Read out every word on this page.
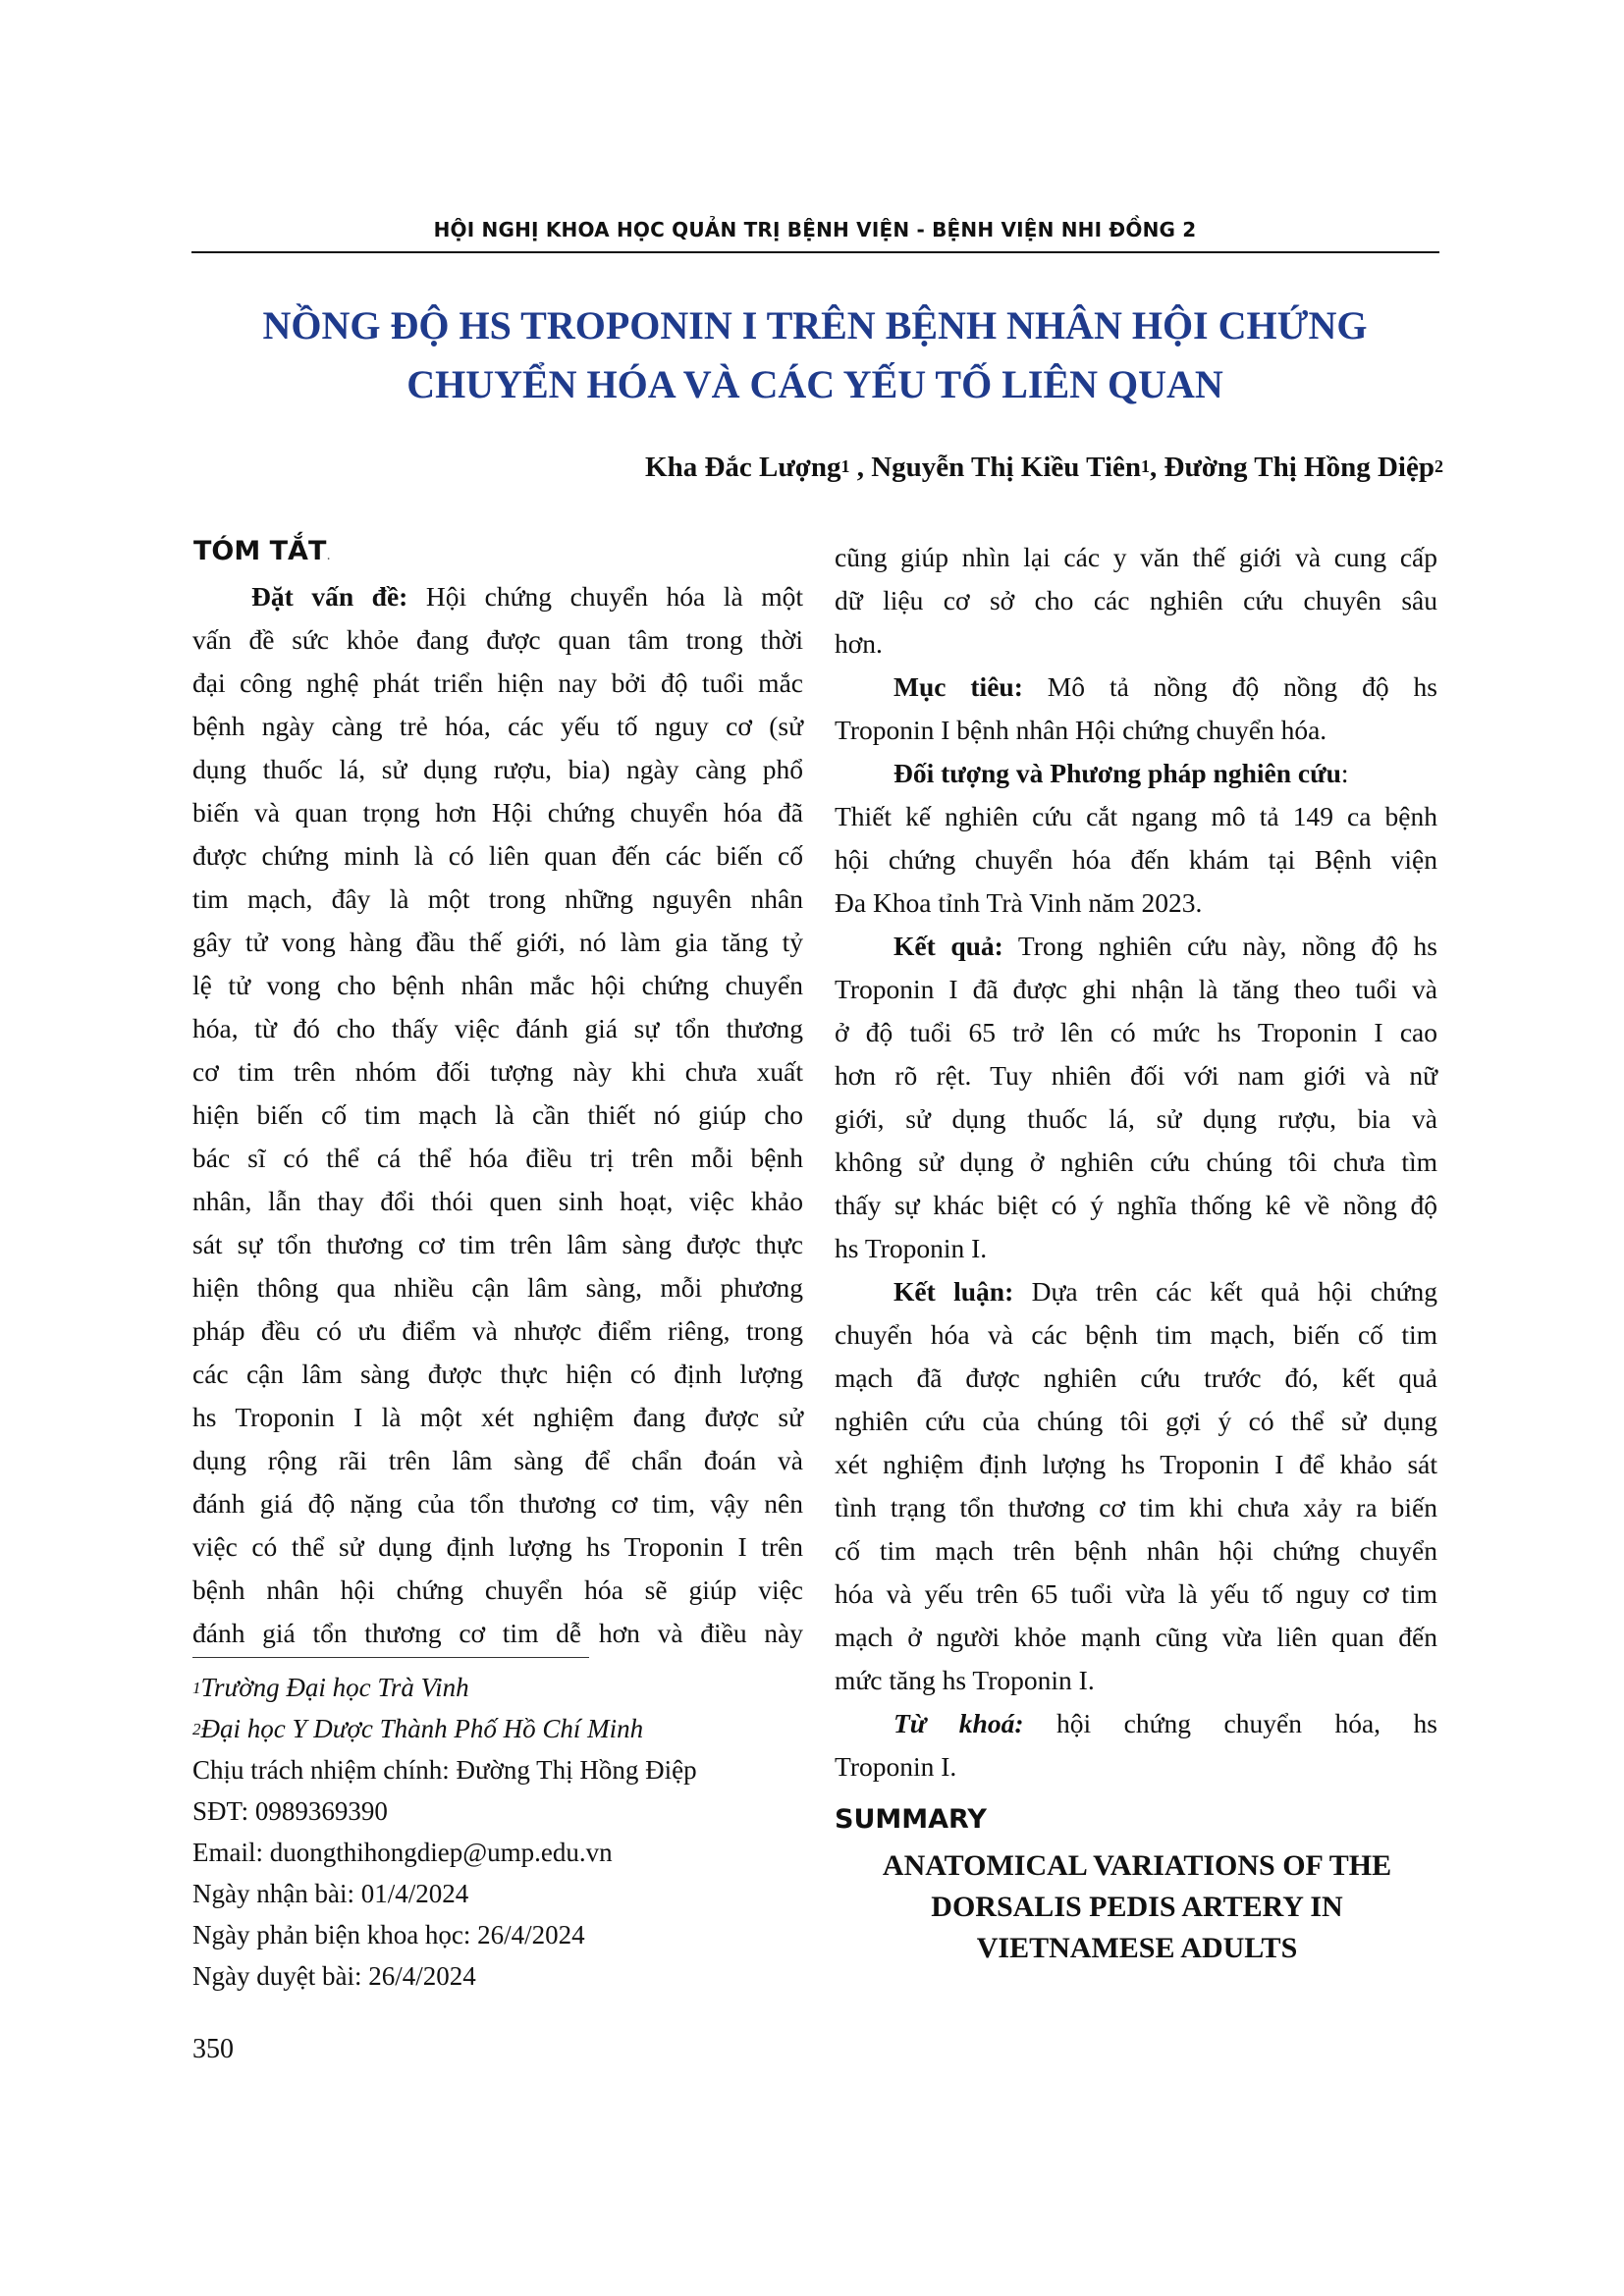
HỘI NGHỊ KHOA HỌC QUẢN TRỊ BỆNH VIỆN - BỆNH VIỆN NHI ĐỒNG 2
NỒNG ĐỘ HS TROPONIN I TRÊN BỆNH NHÂN HỘI CHỨNG
CHUYỂN HÓA VÀ CÁC YẾU TỐ LIÊN QUAN
Kha Đắc Lượng$^1$ , Nguyễn Thị Kiều Tiên$^1$, Đường Thị Hồng Diệp$^2$
TÓM TẮT.
Đặt vấn đề: Hội chứng chuyển hóa là một
vấn đề sức khỏe đang được quan tâm trong thời
đại công nghệ phát triển hiện nay bởi độ tuổi mắc
bệnh ngày càng trẻ hóa, các yếu tố nguy cơ (sử
dụng thuốc lá, sử dụng rượu, bia) ngày càng phổ
biến và quan trọng hơn Hội chứng chuyển hóa đã
được chứng minh là có liên quan đến các biến cố
tim mạch, đây là một trong những nguyên nhân
gây tử vong hàng đầu thế giới, nó làm gia tăng tỷ
lệ tử vong cho bệnh nhân mắc hội chứng chuyển
hóa, từ đó cho thấy việc đánh giá sự tổn thương
cơ tim trên nhóm đối tượng này khi chưa xuất
hiện biến cố tim mạch là cần thiết nó giúp cho
bác sĩ có thể cá thể hóa điều trị trên mỗi bệnh
nhân, lẫn thay đổi thói quen sinh hoạt, việc khảo
sát sự tổn thương cơ tim trên lâm sàng được thực
hiện thông qua nhiều cận lâm sàng, mỗi phương
pháp đều có ưu điểm và nhược điểm riêng, trong
các cận lâm sàng được thực hiện có định lượng
hs Troponin I là một xét nghiệm đang được sử
dụng rộng rãi trên lâm sàng để chẩn đoán và
đánh giá độ nặng của tổn thương cơ tim, vậy nên
việc có thể sử dụng định lượng hs Troponin I trên
bệnh nhân hội chứng chuyển hóa sẽ giúp việc
đánh giá tổn thương cơ tim dễ hơn và điều này
$^1$Trường Đại học Trà Vinh
$^2$Đại học Y Dược Thành Phố Hồ Chí Minh
Chịu trách nhiệm chính: Đường Thị Hồng Điệp
SĐT: 0989369390
Email: duongthihongdiep@ump.edu.vn
Ngày nhận bài: 01/4/2024
Ngày phản biện khoa học: 26/4/2024
Ngày duyệt bài: 26/4/2024
350
cũng giúp nhìn lại các y văn thế giới và cung cấp
dữ liệu cơ sở cho các nghiên cứu chuyên sâu
hơn.
Mục tiêu: Mô tả nồng độ nồng độ hs
Troponin I bệnh nhân Hội chứng chuyển hóa.
Đối tượng và Phương pháp nghiên cứu:
Thiết kế nghiên cứu cắt ngang mô tả 149 ca bệnh
hội chứng chuyển hóa đến khám tại Bệnh viện
Đa Khoa tỉnh Trà Vinh năm 2023.
Kết quả: Trong nghiên cứu này, nồng độ hs
Troponin I đã được ghi nhận là tăng theo tuổi và
ở độ tuổi 65 trở lên có mức hs Troponin I cao
hơn rõ rệt. Tuy nhiên đối với nam giới và nữ
giới, sử dụng thuốc lá, sử dụng rượu, bia và
không sử dụng ở nghiên cứu chúng tôi chưa tìm
thấy sự khác biệt có ý nghĩa thống kê về nồng độ
hs Troponin I.
Kết luận: Dựa trên các kết quả hội chứng
chuyển hóa và các bệnh tim mạch, biến cố tim
mạch đã được nghiên cứu trước đó, kết quả
nghiên cứu của chúng tôi gợi ý có thể sử dụng
xét nghiệm định lượng hs Troponin I để khảo sát
tình trạng tổn thương cơ tim khi chưa xảy ra biến
cố tim mạch trên bệnh nhân hội chứng chuyển
hóa và yếu trên 65 tuổi vừa là yếu tố nguy cơ tim
mạch ở người khỏe mạnh cũng vừa liên quan đến
mức tăng hs Troponin I.
Từ khoá: hội chứng chuyển hóa, hs
Troponin I.
SUMMARY
ANATOMICAL VARIATIONS OF THE
DORSALIS PEDIS ARTERY IN
VIETNAMESE ADULTS
